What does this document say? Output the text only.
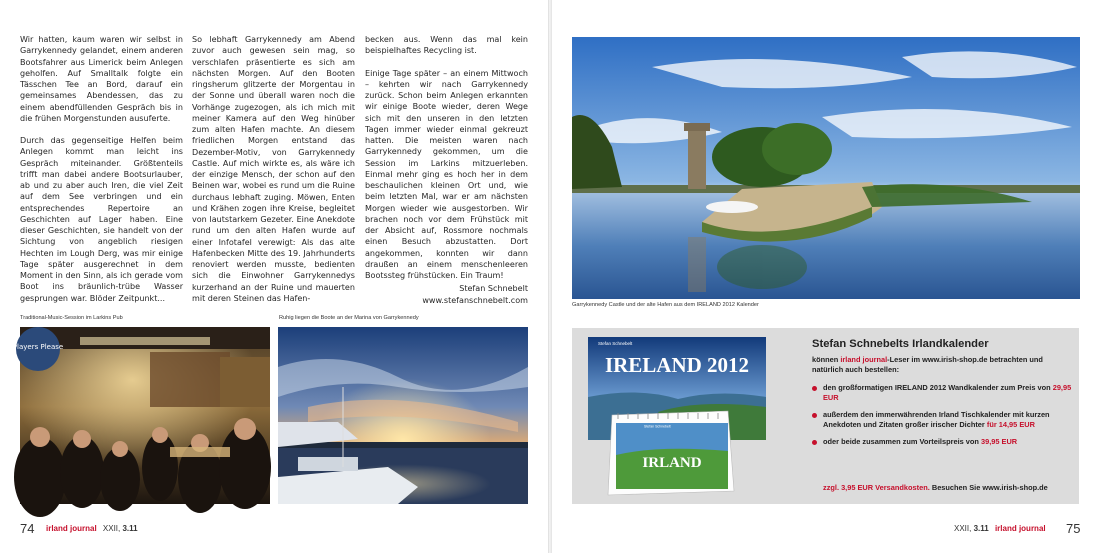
Wir hatten, kaum waren wir selbst in Garrykennedy gelandet, einem anderen Bootsfahrer aus Limerick beim Anlegen geholfen. Auf Smalltalk folgte ein Tässchen Tee an Bord, darauf ein gemeinsames Abendessen, das zu einem abendfüllenden Gespräch bis in die frühen Morgenstunden ausuferte.

Durch das gegenseitige Helfen beim Anlegen kommt man leicht ins Gespräch miteinander. Größtenteils trifft man dabei andere Bootsurlauber, ab und zu aber auch Iren, die viel Zeit auf dem See verbringen und ein entsprechendes Repertoire an Geschichten auf Lager haben. Eine dieser Geschichten, sie handelt von der Sichtung von angeblich riesigen Hechten im Lough Derg, was mir einige Tage später ausgerechnet in dem Moment in den Sinn, als ich gerade vom Boot ins bräunlich-trübe Wasser gesprungen war. Blöder Zeitpunkt...

So lebhaft Garrykennedy am Abend zuvor auch gewesen sein mag, so verschlafen präsentierte es sich am nächsten Morgen. Auf den Booten ringsherum glitzerte der Morgentau in der Sonne und überall waren noch die Vorhänge zugezogen, als ich mich mit meiner Kamera auf den Weg hinüber zum alten Hafen machte. An diesem friedlichen Morgen entstand das Dezember-Motiv, von Garrykennedy Castle. Auf mich wirkte es, als wäre ich der einzige Mensch, der schon auf den Beinen war, wobei es rund um die Ruine durchaus lebhaft zuging. Möwen, Enten und Krähen zogen ihre Kreise, begleitet von lautstarkem Gezeter. Eine Anekdote rund um den alten Hafen wurde auf einer Infotafel verewigt: Als das alte Hafenbecken Mitte des 19. Jahrhunderts renoviert werden musste, bedienten sich die Einwohner Garrykennedys kurzerhand an der Ruine und mauerten mit deren Steinen das Hafen-

becken aus. Wenn das mal kein beispielhaftes Recycling ist.

Einige Tage später – an einem Mittwoch – kehrten wir nach Garrykennedy zurück. Schon beim Anlegen erkannten wir einige Boote wieder, deren Wege sich mit den unseren in den letzten Tagen immer wieder einmal gekreuzt hatten. Die meisten waren nach Garrykennedy gekommen, um die Session im Larkins mitzuerleben. Einmal mehr ging es hoch her in dem beschaulichen kleinen Ort und, wie beim letzten Mal, war er am nächsten Morgen wieder wie ausgestorben. Wir brachen noch vor dem Frühstück mit der Absicht auf, Rossmore nochmals einen Besuch abzustatten. Dort angekommen, konnten wir dann draußen an einem menschenleeren Bootssteg frühstücken. Ein Traum!

Stefan Schnebelt
www.stefanschnebelt.com
Traditional-Music-Session im Larkins Pub
Players Please
Ruhig liegen die Boote an der Marina von Garrykennedy
74	irland journal XXII, 3.11
Garrykennedy Castle und der alte Hafen aus dem IRELAND 2012 Kalender
Stefan Schnebelt
IRELAND 2012
Stefan Schnebelt
IRLAND
Stefan Schnebelts Irlandkalender
können irland journal-Leser im www.irish-shop.de betrachten und natürlich auch bestellen:
den großformatigen IRELAND 2012 Wandkalender zum Preis von 29,95 EUR
außerdem den immerwährenden Irland Tischkalender mit kurzen Anekdoten und Zitaten großer irischer Dichter für 14,95 EUR
oder beide zusammen zum Vorteilspreis von 39,95 EUR
zzgl. 3,95 EUR Versandkosten. Besuchen Sie www.irish-shop.de
XXII, 3.11 irland journal	75
